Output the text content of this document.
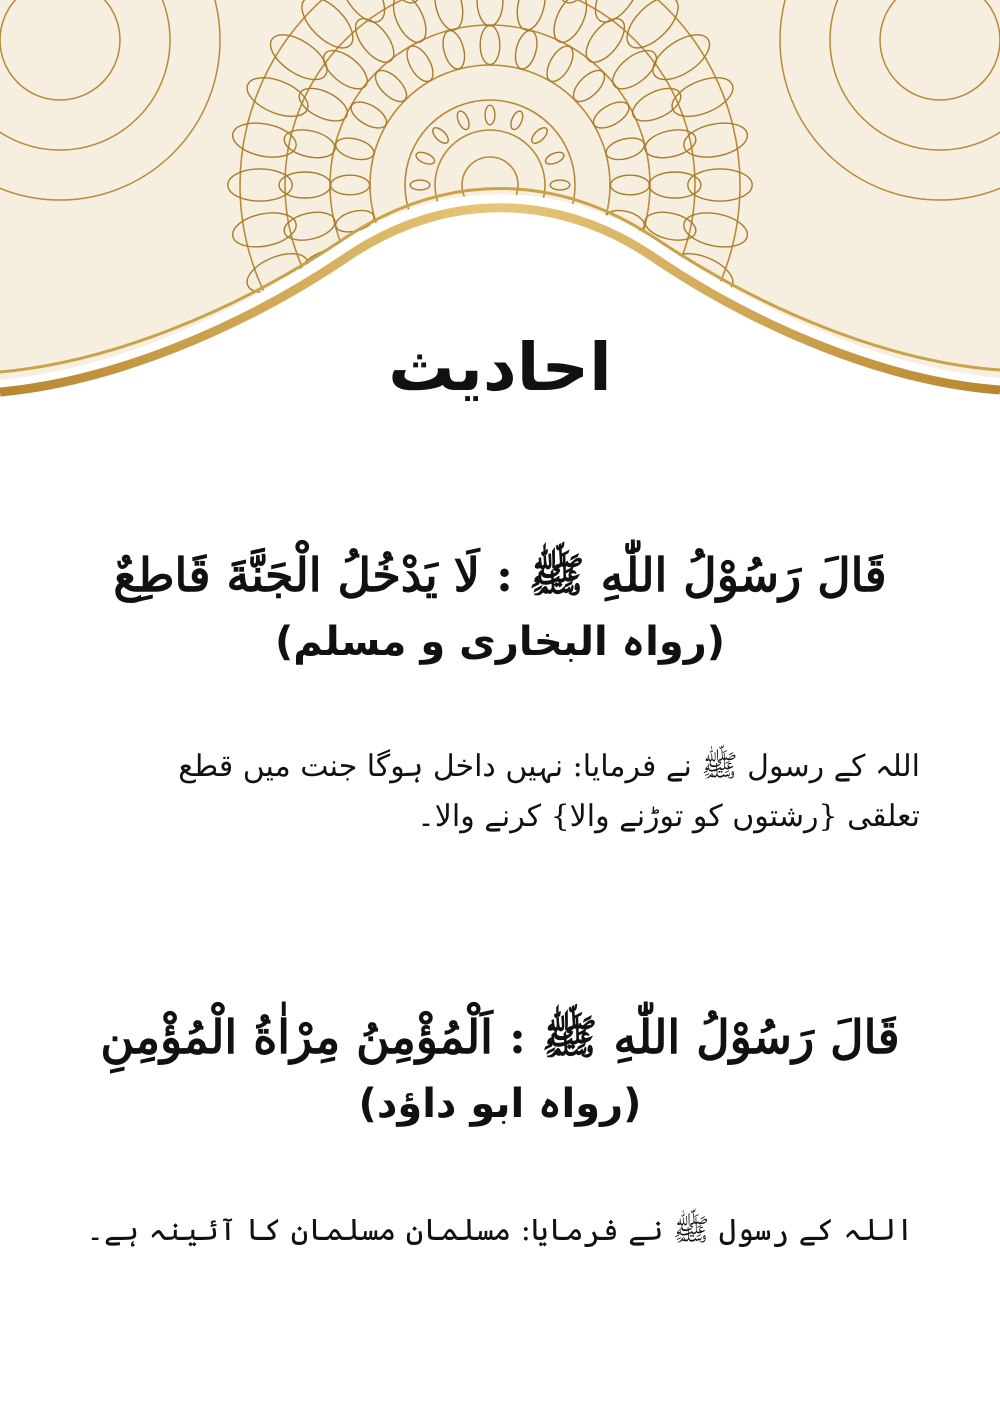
احادیث
قَالَ رَسُوْلُ اللّٰهِ ﷺ : لَا يَدْخُلُ الْجَنَّةَ قَاطِعٌ
(رواہ البخاری و مسلم)
اللہ کے رسول ﷺ نے فرمایا: نہیں داخل ہوگا جنت میں قطع
تعلقی {رشتوں کو توڑنے والا} کرنے والا۔
قَالَ رَسُوْلُ اللّٰهِ ﷺ : اَلْمُؤْمِنُ مِرْاٰةُ الْمُؤْمِنِ
(رواہ ابو داؤد)
اللہ کے رسول ﷺ نے فرمایا: مسلمان مسلمان کا آئینہ ہے۔
